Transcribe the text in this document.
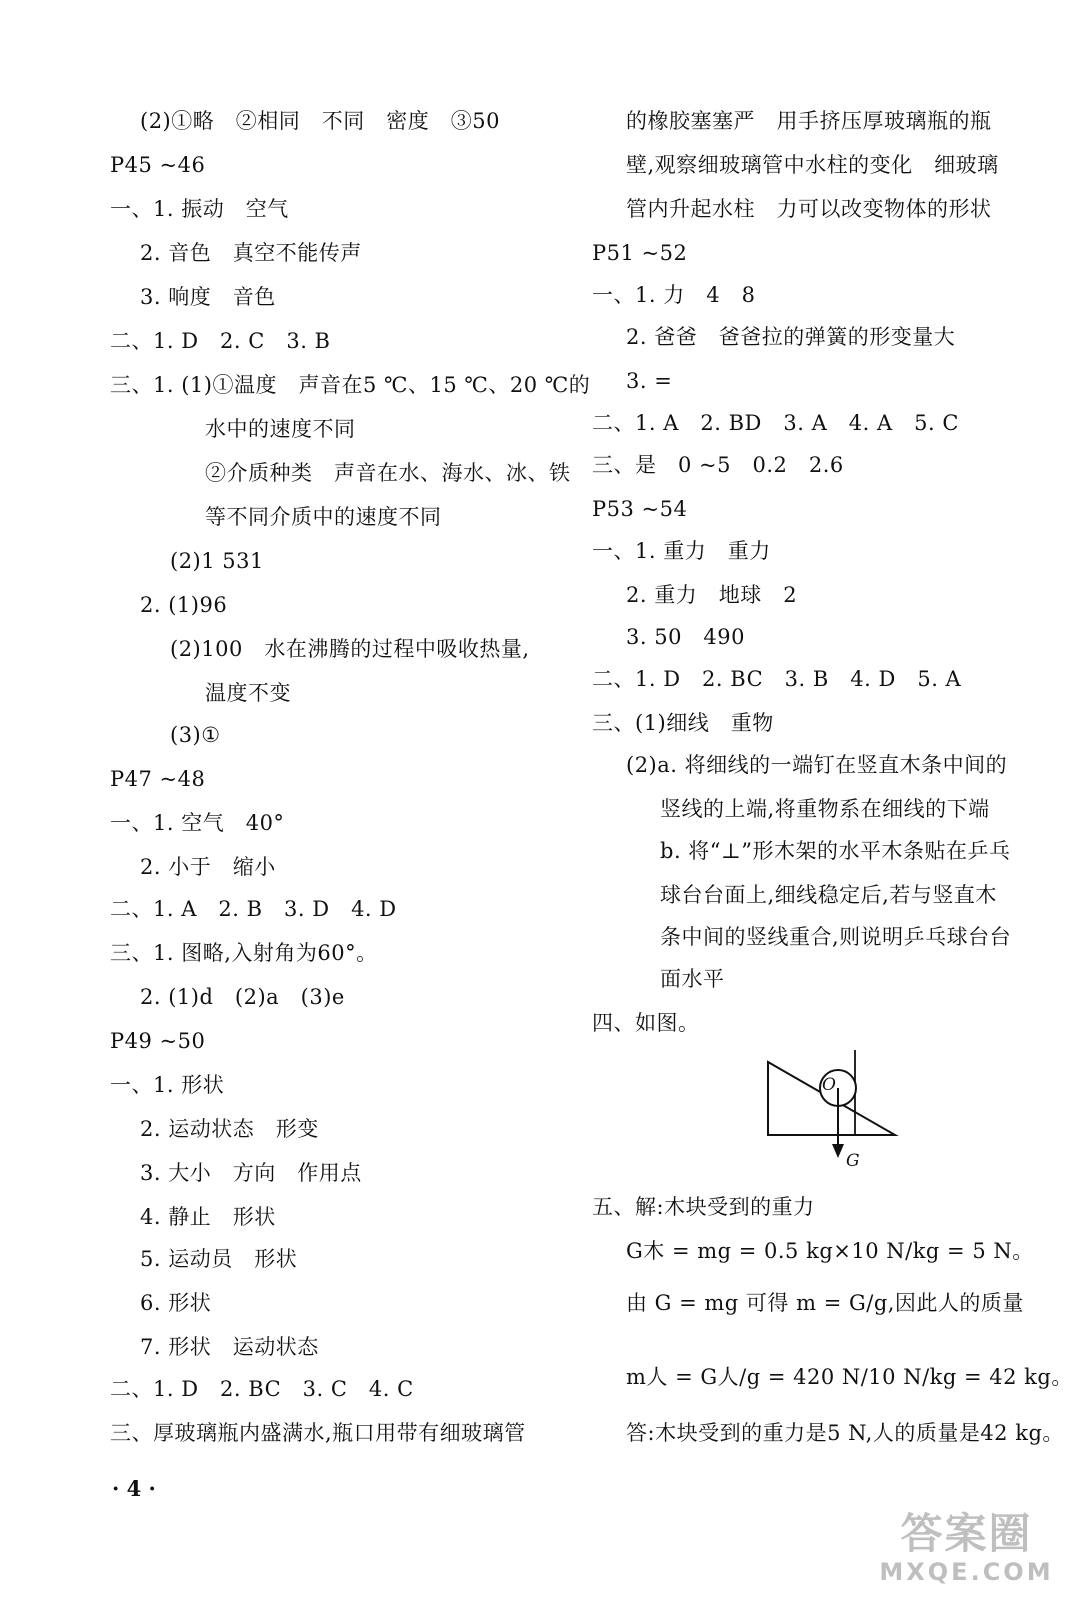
(2)①略　②相同　不同　密度　③50
P45 ~46
一、1. 振动　空气
2. 音色　真空不能传声
3. 响度　音色
二、1. D　2. C　3. B
三、1. (1)①温度　声音在5 ℃、15 ℃、20 ℃的
水中的速度不同
②介质种类　声音在水、海水、冰、铁
等不同介质中的速度不同
(2)1 531
2. (1)96
(2)100　水在沸腾的过程中吸收热量,
温度不变
(3)①
P47 ~48
一、1. 空气　40°
2. 小于　缩小
二、1. A　2. B　3. D　4. D
三、1. 图略,入射角为60°。
2. (1)d　(2)a　(3)e
P49 ~50
一、1. 形状
2. 运动状态　形变
3. 大小　方向　作用点
4. 静止　形状
5. 运动员　形状
6. 形状
7. 形状　运动状态
二、1. D　2. BC　3. C　4. C
三、厚玻璃瓶内盛满水,瓶口用带有细玻璃管
的橡胶塞塞严　用手挤压厚玻璃瓶的瓶
壁,观察细玻璃管中水柱的变化　细玻璃
管内升起水柱　力可以改变物体的形状
P51 ~52
一、1. 力　4　8
2. 爸爸　爸爸拉的弹簧的形变量大
3. =
二、1. A　2. BD　3. A　4. A　5. C
三、是　0 ~5　0.2　2.6
P53 ~54
一、1. 重力　重力
2. 重力　地球　2
3. 50　490
二、1. D　2. BC　3. B　4. D　5. A
三、(1)细线　重物
(2)a. 将细线的一端钉在竖直木条中间的
竖线的上端,将重物系在细线的下端
b. 将“⊥”形木架的水平木条贴在乒乓
球台台面上,细线稳定后,若与竖直木
条中间的竖线重合,则说明乒乓球台台
面水平
四、如图。
五、解:木块受到的重力
G木 = mg = 0.5 kg×10 N/kg = 5 N。
由 G = mg 可得 m = G/g,因此人的质量
m人 = G人/g = 420 N/10 N/kg = 42 kg。
答:木块受到的重力是5 N,人的质量是42 kg。
O
G
· 4 ·
答案圈
MXQE.COM
